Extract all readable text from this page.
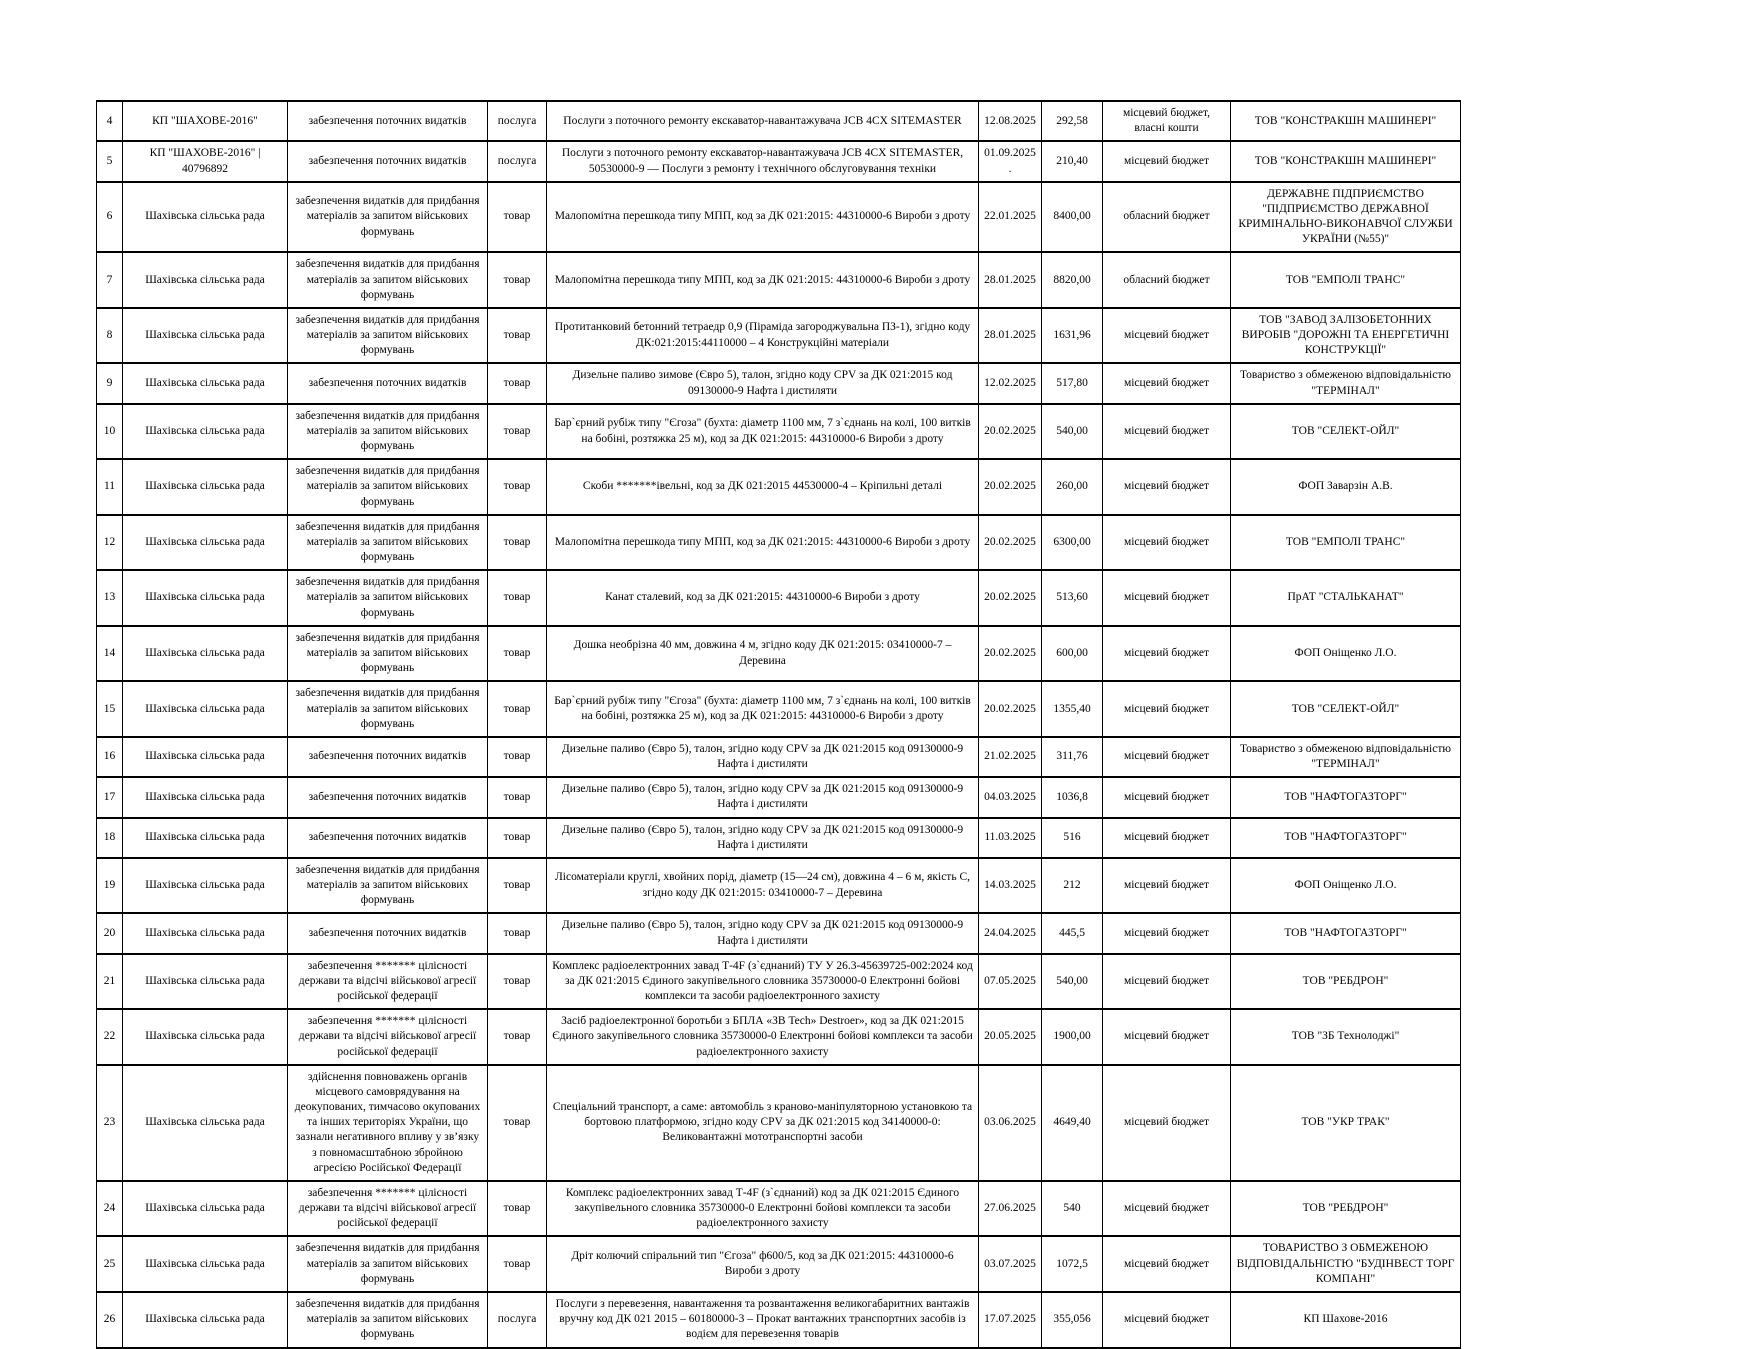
4	КП "ШАХОВЕ-2016"	забезпечення поточних видатків	послуга	Послуги з поточного ремонту екскаватор-навантажувача JCB 4CX SITEMASTER	12.08.2025	292,58	місцевий бюджет, власні кошти	ТОВ "КОНСТРАКШН МАШИНЕРІ"
5	КП "ШАХОВЕ-2016" | 40796892	забезпечення поточних видатків	послуга	Послуги з поточного ремонту екскаватор-навантажувача JCB 4CX SITEMASTER, 50530000-9 — Послуги з ремонту і технічного обслуговування техніки	01.09.2025.	210,40	місцевий бюджет	ТОВ "КОНСТРАКШН МАШИНЕРІ"
6	Шахівська сільська рада	забезпечення видатків для придбання матеріалів за запитом військових формувань	товар	Малопомітна перешкода типу МПП, код за ДК 021:2015: 44310000-6 Вироби з дроту	22.01.2025	8400,00	обласний бюджет	ДЕРЖАВНЕ ПІДПРИЄМСТВО "ПІДПРИЄМСТВО ДЕРЖАВНОЇ КРИМІНАЛЬНО-ВИКОНАВЧОЇ СЛУЖБИ УКРАЇНИ (№55)"
7	Шахівська сільська рада	забезпечення видатків для придбання матеріалів за запитом військових формувань	товар	Малопомітна перешкода типу МПП, код за ДК 021:2015: 44310000-6 Вироби з дроту	28.01.2025	8820,00	обласний бюджет	ТОВ "ЕМПОЛІ ТРАНС"
8	Шахівська сільська рада	забезпечення видатків для придбання матеріалів за запитом військових формувань	товар	Протитанковий бетонний тетраедр 0,9 (Піраміда загороджувальна ПЗ-1), згідно коду ДК:021:2015:44110000 – 4 Конструкційні матеріали	28.01.2025	1631,96	місцевий бюджет	ТОВ "ЗАВОД ЗАЛІЗОБЕТОННИХ ВИРОБІВ "ДОРОЖНІ ТА ЕНЕРГЕТИЧНІ КОНСТРУКЦІЇ"
9	Шахівська сільська рада	забезпечення поточних видатків	товар	Дизельне паливо зимове (Євро 5), талон, згідно коду CPV за ДК 021:2015 код 09130000-9 Нафта і дистиляти	12.02.2025	517,80	місцевий бюджет	Товариство з обмеженою відповідальністю "ТЕРМІНАЛ"
10	Шахівська сільська рада	забезпечення видатків для придбання матеріалів за запитом військових формувань	товар	Бар`єрний рубіж типу "Єгоза" (бухта: діаметр 1100 мм, 7 з`єднань на колі, 100 витків на бобіні, розтяжка 25 м), код за ДК 021:2015: 44310000-6 Вироби з дроту	20.02.2025	540,00	місцевий бюджет	ТОВ "СЕЛЕКТ-ОЙЛ"
11	Шахівська сільська рада	забезпечення видатків для придбання матеріалів за запитом військових формувань	товар	Скоби *******івельні, код за ДК 021:2015 44530000-4 – Кріпильні деталі	20.02.2025	260,00	місцевий бюджет	ФОП Заварзін А.В.
12	Шахівська сільська рада	забезпечення видатків для придбання матеріалів за запитом військових формувань	товар	Малопомітна перешкода типу МПП, код за ДК 021:2015: 44310000-6 Вироби з дроту	20.02.2025	6300,00	місцевий бюджет	ТОВ "ЕМПОЛІ ТРАНС"
13	Шахівська сільська рада	забезпечення видатків для придбання матеріалів за запитом військових формувань	товар	Канат сталевий, код за ДК 021:2015: 44310000-6 Вироби з дроту	20.02.2025	513,60	місцевий бюджет	ПрАТ "СТАЛЬКАНАТ"
14	Шахівська сільська рада	забезпечення видатків для придбання матеріалів за запитом військових формувань	товар	Дошка необрізна 40 мм, довжина 4 м, згідно коду ДК 021:2015: 03410000-7 – Деревина	20.02.2025	600,00	місцевий бюджет	ФОП Оніщенко Л.О.
15	Шахівська сільська рада	забезпечення видатків для придбання матеріалів за запитом військових формувань	товар	Бар`єрний рубіж типу "Єгоза" (бухта: діаметр 1100 мм, 7 з`єднань на колі, 100 витків на бобіні, розтяжка 25 м), код за ДК 021:2015: 44310000-6 Вироби з дроту	20.02.2025	1355,40	місцевий бюджет	ТОВ "СЕЛЕКТ-ОЙЛ"
16	Шахівська сільська рада	забезпечення поточних видатків	товар	Дизельне паливо (Євро 5), талон, згідно коду CPV за ДК 021:2015 код 09130000-9 Нафта і дистиляти	21.02.2025	311,76	місцевий бюджет	Товариство з обмеженою відповідальністю "ТЕРМІНАЛ"
17	Шахівська сільська рада	забезпечення поточних видатків	товар	Дизельне паливо (Євро 5), талон, згідно коду CPV за ДК 021:2015 код 09130000-9 Нафта і дистиляти	04.03.2025	1036,8	місцевий бюджет	ТОВ "НАФТОГАЗТОРГ"
18	Шахівська сільська рада	забезпечення поточних видатків	товар	Дизельне паливо (Євро 5), талон, згідно коду CPV за ДК 021:2015 код 09130000-9 Нафта і дистиляти	11.03.2025	516	місцевий бюджет	ТОВ "НАФТОГАЗТОРГ"
19	Шахівська сільська рада	забезпечення видатків для придбання матеріалів за запитом військових формувань	товар	Лісоматеріали круглі, хвойних порід, діаметр (15—24 см), довжина 4 – 6 м, якість С, згідно коду ДК 021:2015: 03410000-7 – Деревина	14.03.2025	212	місцевий бюджет	ФОП Оніщенко Л.О.
20	Шахівська сільська рада	забезпечення поточних видатків	товар	Дизельне паливо (Євро 5), талон, згідно коду CPV за ДК 021:2015 код 09130000-9 Нафта і дистиляти	24.04.2025	445,5	місцевий бюджет	ТОВ "НАФТОГАЗТОРГ"
21	Шахівська сільська рада	забезпечення ******* цілісності держави та відсічі військової агресії російської федерації	товар	Комплекс радіоелектронних завад Т-4F (з`єднаний) ТУ У 26.3-45639725-002:2024 код за ДК 021:2015 Єдиного закупівельного словника 35730000-0 Електронні бойові комплекси та засоби радіоелектронного захисту	07.05.2025	540,00	місцевий бюджет	ТОВ "РЕБДРОН"
22	Шахівська сільська рада	забезпечення ******* цілісності держави та відсічі військової агресії російської федерації	товар	Засіб радіоелектронної боротьби з БПЛА «ЗВ Tech» Destroer», код за ДК 021:2015 Єдиного закупівельного словника 35730000-0 Електронні бойові комплекси та засоби радіоелектронного захисту	20.05.2025	1900,00	місцевий бюджет	ТОВ "ЗБ Технолоджі"
23	Шахівська сільська рада	здійснення повноважень органів місцевого самоврядування на деокупованих, тимчасово окупованих та інших територіях України, що зазнали негативного впливу у зв’язку з повномасштабною збройною агресією Російської Федерації	товар	Спеціальний транспорт, а саме: автомобіль з краново-маніпуляторною установкою та бортовою платформою, згідно коду CPV за ДК 021:2015 код 34140000-0: Великовантажні мототранспортні засоби	03.06.2025	4649,40	місцевий бюджет	ТОВ "УКР ТРАК"
24	Шахівська сільська рада	забезпечення ******* цілісності держави та відсічі військової агресії російської федерації	товар	Комплекс радіоелектронних завад Т-4F (з`єднаний) код за ДК 021:2015 Єдиного закупівельного словника 35730000-0 Електронні бойові комплекси та засоби радіоелектронного захисту	27.06.2025	540	місцевий бюджет	ТОВ "РЕБДРОН"
25	Шахівська сільська рада	забезпечення видатків для придбання матеріалів за запитом військових формувань	товар	Дріт колючий спіральний тип "Єгоза" ф600/5, код за ДК 021:2015: 44310000-6 Вироби з дроту	03.07.2025	1072,5	місцевий бюджет	ТОВАРИСТВО З ОБМЕЖЕНОЮ ВІДПОВІДАЛЬНІСТЮ "БУДІНВЕСТ ТОРГ КОМПАНІ"
26	Шахівська сільська рада	забезпечення видатків для придбання матеріалів за запитом військових формувань	послуга	Послуги з перевезення, навантаження та розвантаження великогабаритних вантажів вручну код ДК 021 2015 – 60180000-3 – Прокат вантажних транспортних засобів із водієм для перевезення товарів	17.07.2025	355,056	місцевий бюджет	КП Шахове-2016
